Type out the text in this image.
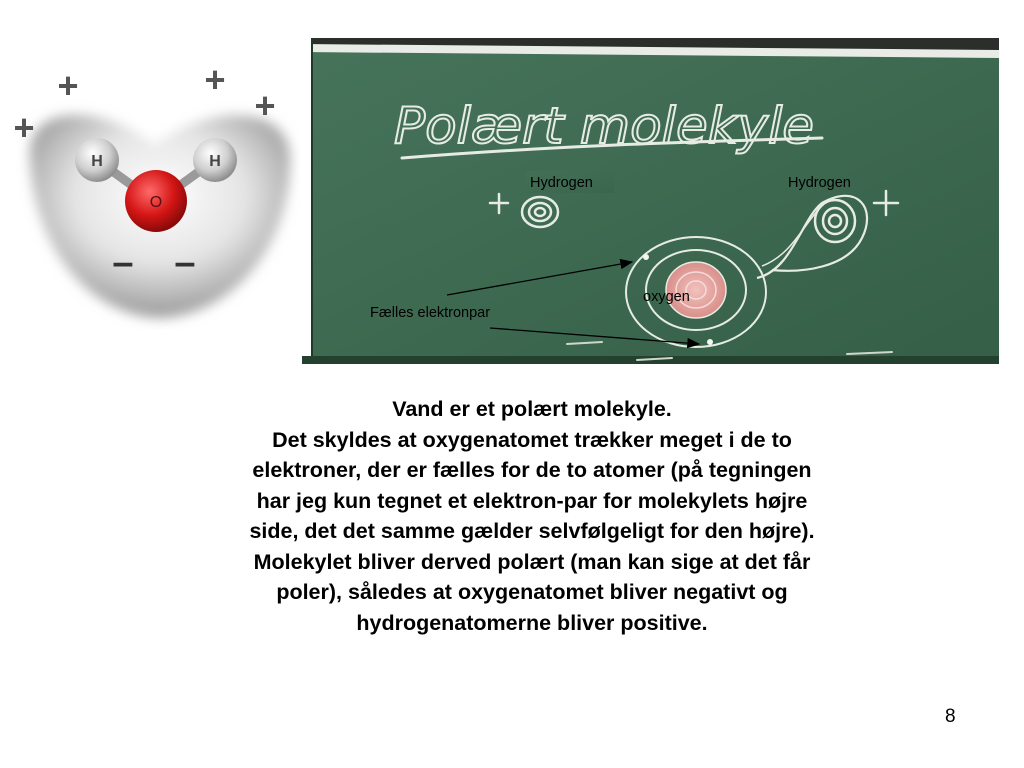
H	H
O
+	+
+
+
– –
Polært molekyle
Hydrogen	Hydrogen
oxygen
Fælles elektronpar
Vand er et polært molekyle.
Det skyldes at oxygenatomet trækker meget i de to
elektroner, der er fælles for de to atomer (på tegningen
har jeg kun tegnet et elektron-par for molekylets højre
side, det det samme gælder selvfølgeligt for den højre).
Molekylet bliver derved polært (man kan sige at det får
poler), således at oxygenatomet bliver negativt og
hydrogenatomerne bliver positive.
8
